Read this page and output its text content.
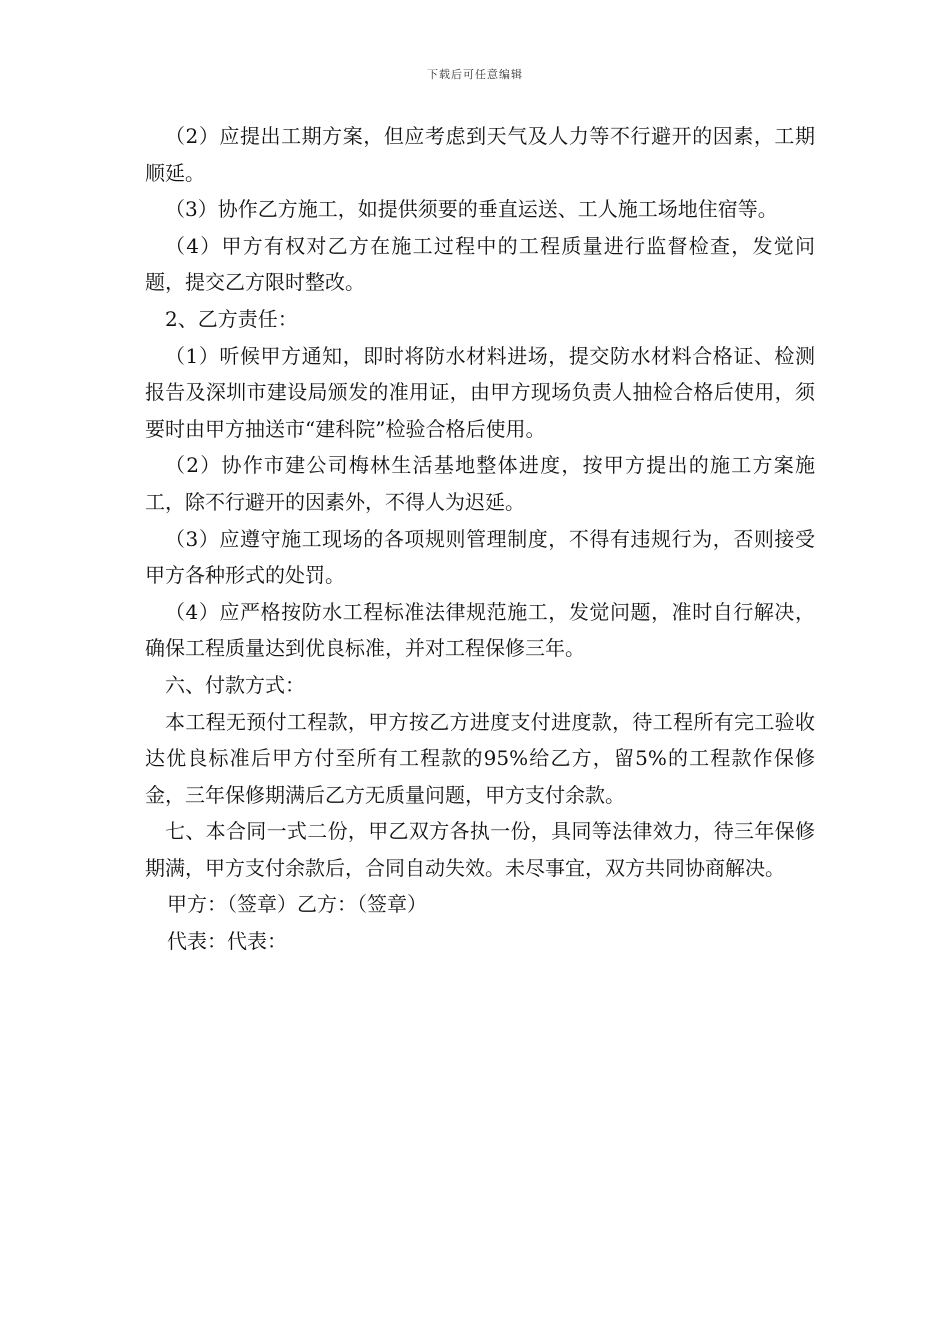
下载后可任意编辑

（2）应提出工期方案，但应考虑到天气及人力等不行避开的因素，工期顺延。

（3）协作乙方施工，如提供须要的垂直运送、工人施工场地住宿等。

（4）甲方有权对乙方在施工过程中的工程质量进行监督检查，发觉问题，提交乙方限时整改。

2、乙方责任：

（1）听候甲方通知，即时将防水材料进场，提交防水材料合格证、检测报告及深圳市建设局颁发的准用证，由甲方现场负责人抽检合格后使用，须要时由甲方抽送市“建科院”检验合格后使用。

（2）协作市建公司梅林生活基地整体进度，按甲方提出的施工方案施工，除不行避开的因素外，不得人为迟延。

（3）应遵守施工现场的各项规则管理制度，不得有违规行为，否则接受甲方各种形式的处罚。

（4）应严格按防水工程标准法律规范施工，发觉问题，准时自行解决，确保工程质量达到优良标准，并对工程保修三年。

六、付款方式：

本工程无预付工程款，甲方按乙方进度支付进度款，待工程所有完工验收达优良标准后甲方付至所有工程款的95%给乙方，留5%的工程款作保修金，三年保修期满后乙方无质量问题，甲方支付余款。

七、本合同一式二份，甲乙双方各执一份，具同等法律效力，待三年保修期满，甲方支付余款后，合同自动失效。未尽事宜，双方共同协商解决。

甲方：（签章）乙方：（签章）

代表：代表：
